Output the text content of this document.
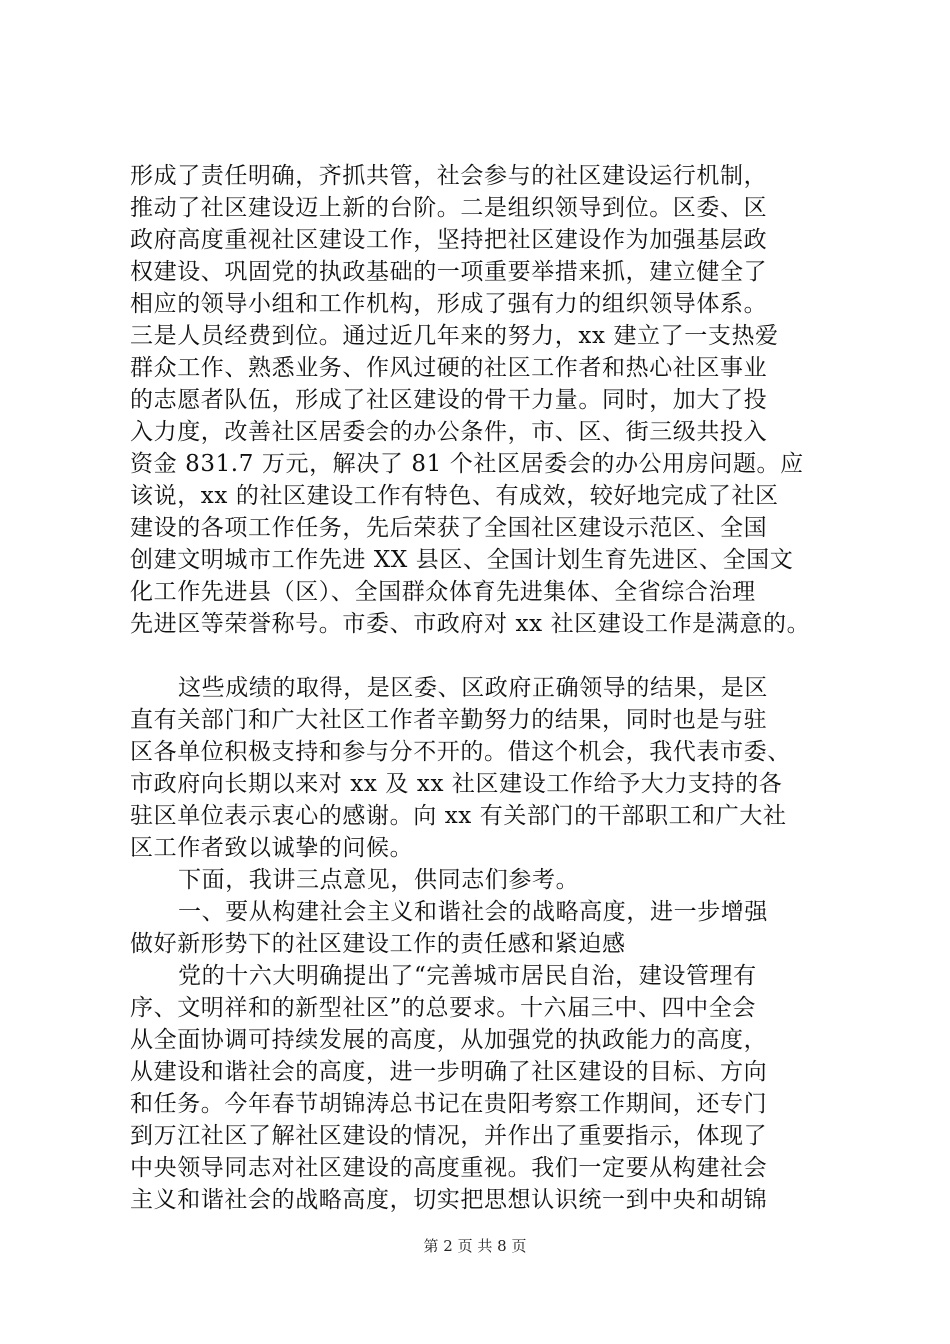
形成了责任明确，齐抓共管，社会参与的社区建设运行机制，
推动了社区建设迈上新的台阶。二是组织领导到位。区委、区
政府高度重视社区建设工作，坚持把社区建设作为加强基层政
权建设、巩固党的执政基础的一项重要举措来抓，建立健全了
相应的领导小组和工作机构，形成了强有力的组织领导体系。
三是人员经费到位。通过近几年来的努力，xx 建立了一支热爱
群众工作、熟悉业务、作风过硬的社区工作者和热心社区事业
的志愿者队伍，形成了社区建设的骨干力量。同时，加大了投
入力度，改善社区居委会的办公条件，市、区、街三级共投入
资金 831.7 万元，解决了 81 个社区居委会的办公用房问题。应
该说，xx 的社区建设工作有特色、有成效，较好地完成了社区
建设的各项工作任务，先后荣获了全国社区建设示范区、全国
创建文明城市工作先进 XX 县区、全国计划生育先进区、全国文
化工作先进县（区）、全国群众体育先进集体、全省综合治理
先进区等荣誉称号。市委、市政府对 xx 社区建设工作是满意的。
这些成绩的取得，是区委、区政府正确领导的结果，是区
直有关部门和广大社区工作者辛勤努力的结果，同时也是与驻
区各单位积极支持和参与分不开的。借这个机会，我代表市委、
市政府向长期以来对 xx 及 xx 社区建设工作给予大力支持的各
驻区单位表示衷心的感谢。向 xx 有关部门的干部职工和广大社
区工作者致以诚挚的问候。
下面，我讲三点意见，供同志们参考。
一、要从构建社会主义和谐社会的战略高度，进一步增强
做好新形势下的社区建设工作的责任感和紧迫感
党的十六大明确提出了“完善城市居民自治，建设管理有
序、文明祥和的新型社区”的总要求。十六届三中、四中全会
从全面协调可持续发展的高度，从加强党的执政能力的高度，
从建设和谐社会的高度，进一步明确了社区建设的目标、方向
和任务。今年春节胡锦涛总书记在贵阳考察工作期间，还专门
到万江社区了解社区建设的情况，并作出了重要指示，体现了
中央领导同志对社区建设的高度重视。我们一定要从构建社会
主义和谐社会的战略高度，切实把思想认识统一到中央和胡锦
第 2 页 共 8 页
